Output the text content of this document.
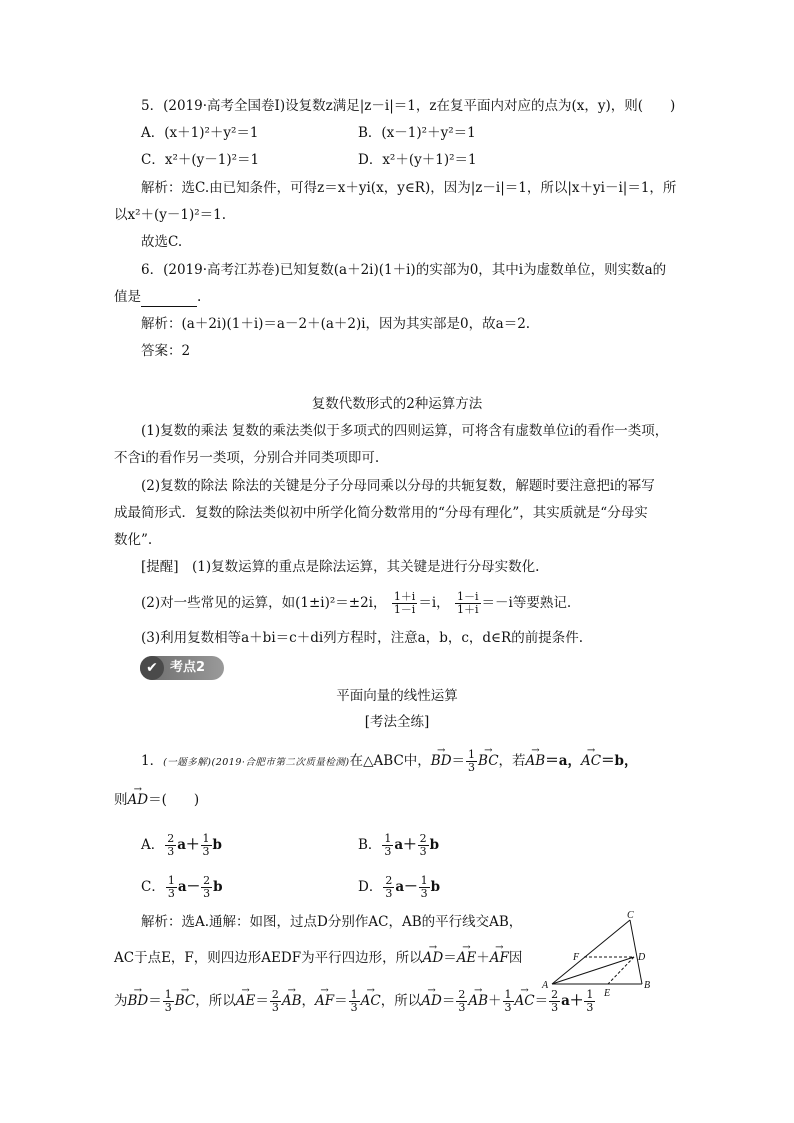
5．(2019·高考全国卷Ⅰ)设复数z满足|z－i|＝1，z在复平面内对应的点为(x，y)，则(　　)
A．(x＋1)²＋y²＝1	B．(x－1)²＋y²＝1
C．x²＋(y－1)²＝1	D．x²＋(y＋1)²＝1
解析：选C.由已知条件，可得z＝x＋yi(x，y∈R)，因为|z－i|＝1，所以|x＋yi－i|＝1，所
以x²＋(y－1)²＝1.
故选C.
6．(2019·高考江苏卷)已知复数(a＋2i)(1＋i)的实部为0，其中i为虚数单位，则实数a的
值是	.
解析：(a＋2i)(1＋i)＝a－2＋(a＋2)i，因为其实部是0，故a＝2.
答案：2
复数代数形式的2种运算方法
(1)复数的乘法 复数的乘法类似于多项式的四则运算，可将含有虚数单位i的看作一类项，
不含i的看作另一类项，分别合并同类项即可.
(2)复数的除法 除法的关键是分子分母同乘以分母的共轭复数，解题时要注意把i的幂写
成最简形式．复数的除法类似初中所学化简分数常用的“分母有理化”，其实质就是“分母实
数化”.
[提醒]　(1)复数运算的重点是除法运算，其关键是进行分母实数化.
(2)对一些常见的运算，如(1±i)²＝±2i， $\frac{1+i}{1-i} =i$， $\frac{1-i}{1+i} =-i$等要熟记.
(3)利用复数相等a＋bi＝c＋di列方程时，注意a，b，c，d∈R的前提条件.
✔ 考点2
平面向量的线性运算
[考法全练]
1．(一题多解)(2019·合肥市第二次质量检测)在△ABC中，→ $BD= \frac{1}{3}$
→ BC，若→ AB＝a，→ AC＝b，
则→ AD＝(　　)
A． $\frac{2}{3} a+ \frac{1}{3}$ b	B． $\frac{1}{3} a+ \frac{2}{3}$ b
C． $\frac{1}{3} a- \frac{2}{3}$ b	D． $\frac{2}{3} a- \frac{1}{3}$ b
解析：选A.通解：如图，过点D分别作AC，AB的平行线交AB，
AC于点E，F，则四边形AEDF为平行四边形，所以→ AD＝→ AE＋→ AF因
为→ $BD= \frac{1}{3}$
→ BC，所以→ $AE= \frac{2}{3}$
→ AB，→ $AF= \frac{1}{3}$
→ AC，所以→ $AD= \frac{2}{3}$
→ $AB+ \frac{1}{3}$
→ $AC= \frac{2}{3} a+ \frac{1}{3}$
C
F	D
A
E
B
